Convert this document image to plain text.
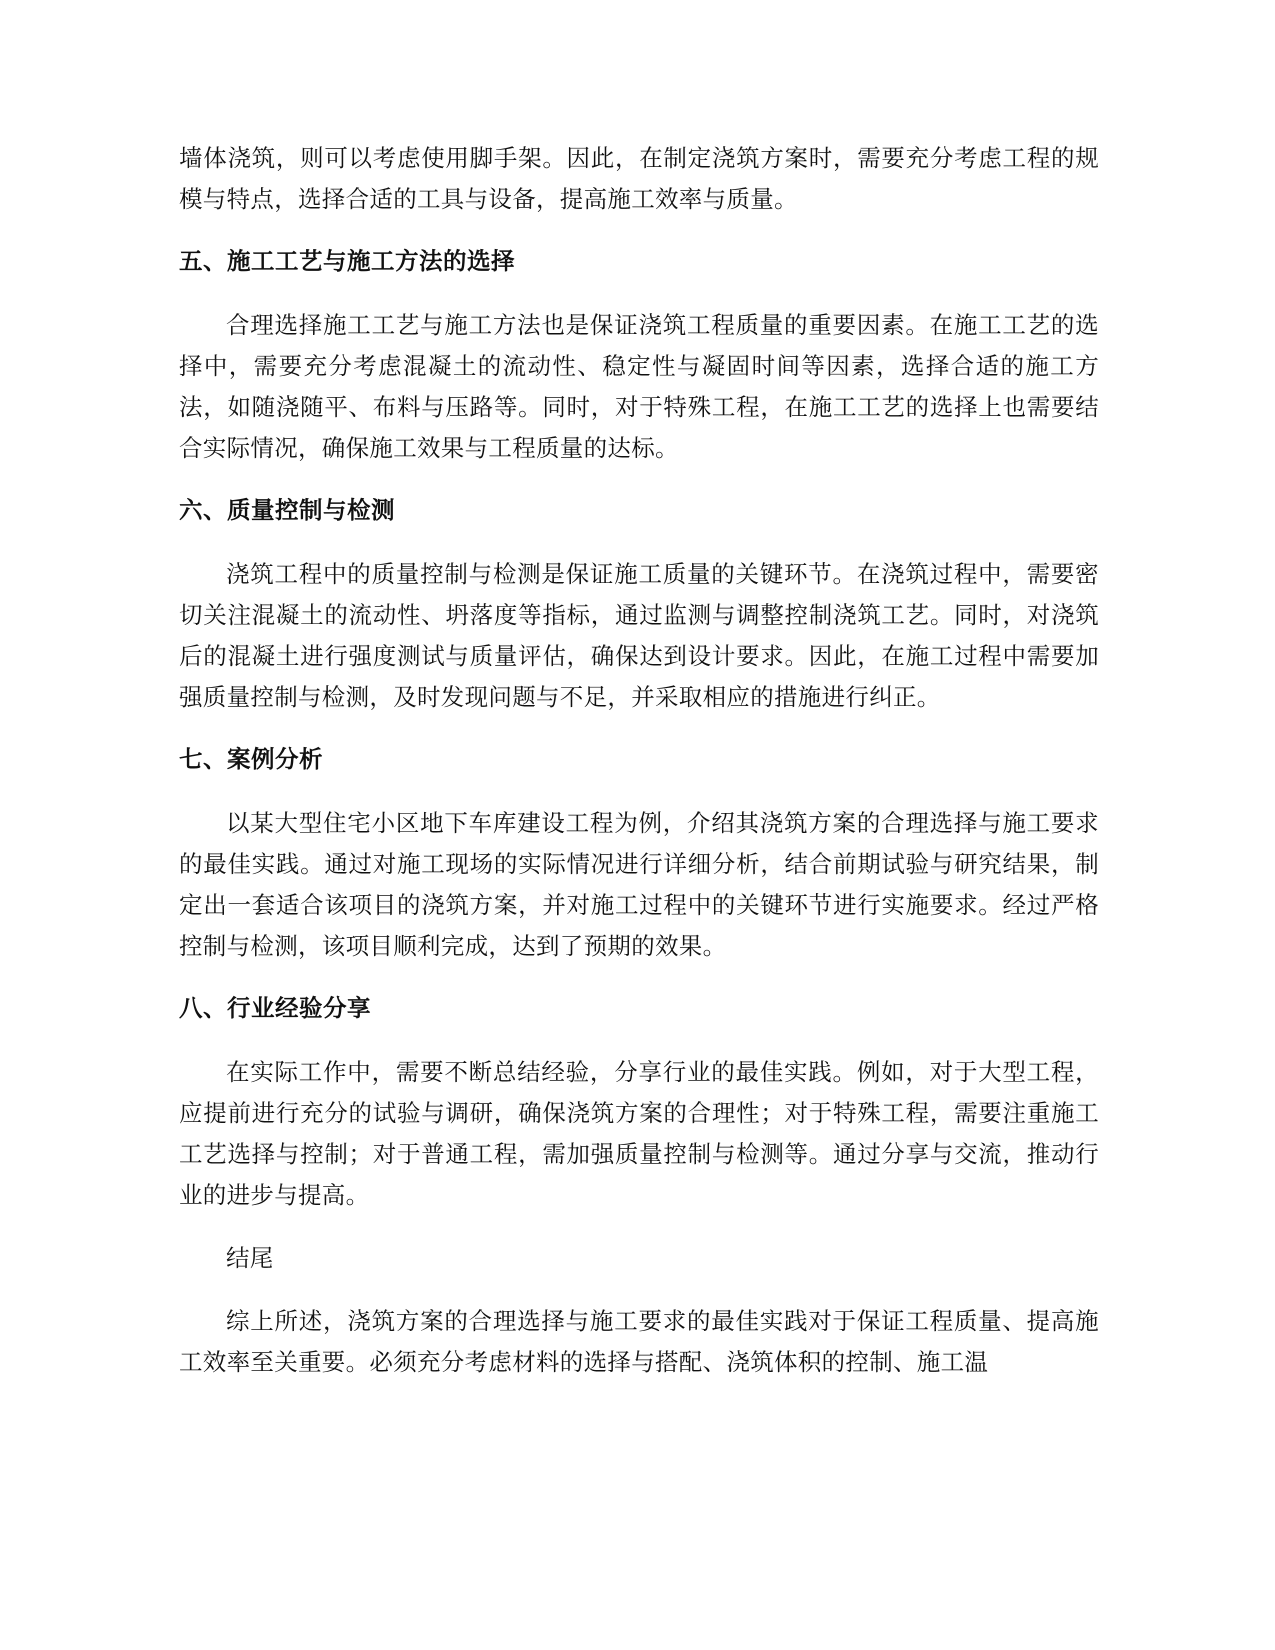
墙体浇筑，则可以考虑使用脚手架。因此，在制定浇筑方案时，需要充分考虑工程的规模与特点，选择合适的工具与设备，提高施工效率与质量。

五、施工工艺与施工方法的选择

合理选择施工工艺与施工方法也是保证浇筑工程质量的重要因素。在施工工艺的选择中，需要充分考虑混凝土的流动性、稳定性与凝固时间等因素，选择合适的施工方法，如随浇随平、布料与压路等。同时，对于特殊工程，在施工工艺的选择上也需要结合实际情况，确保施工效果与工程质量的达标。

六、质量控制与检测

浇筑工程中的质量控制与检测是保证施工质量的关键环节。在浇筑过程中，需要密切关注混凝土的流动性、坍落度等指标，通过监测与调整控制浇筑工艺。同时，对浇筑后的混凝土进行强度测试与质量评估，确保达到设计要求。因此，在施工过程中需要加强质量控制与检测，及时发现问题与不足，并采取相应的措施进行纠正。

七、案例分析

以某大型住宅小区地下车库建设工程为例，介绍其浇筑方案的合理选择与施工要求的最佳实践。通过对施工现场的实际情况进行详细分析，结合前期试验与研究结果，制定出一套适合该项目的浇筑方案，并对施工过程中的关键环节进行实施要求。经过严格控制与检测，该项目顺利完成，达到了预期的效果。

八、行业经验分享

在实际工作中，需要不断总结经验，分享行业的最佳实践。例如，对于大型工程，应提前进行充分的试验与调研，确保浇筑方案的合理性；对于特殊工程，需要注重施工工艺选择与控制；对于普通工程，需加强质量控制与检测等。通过分享与交流，推动行业的进步与提高。

结尾

综上所述，浇筑方案的合理选择与施工要求的最佳实践对于保证工程质量、提高施工效率至关重要。必须充分考虑材料的选择与搭配、浇筑体积的控制、施工温
